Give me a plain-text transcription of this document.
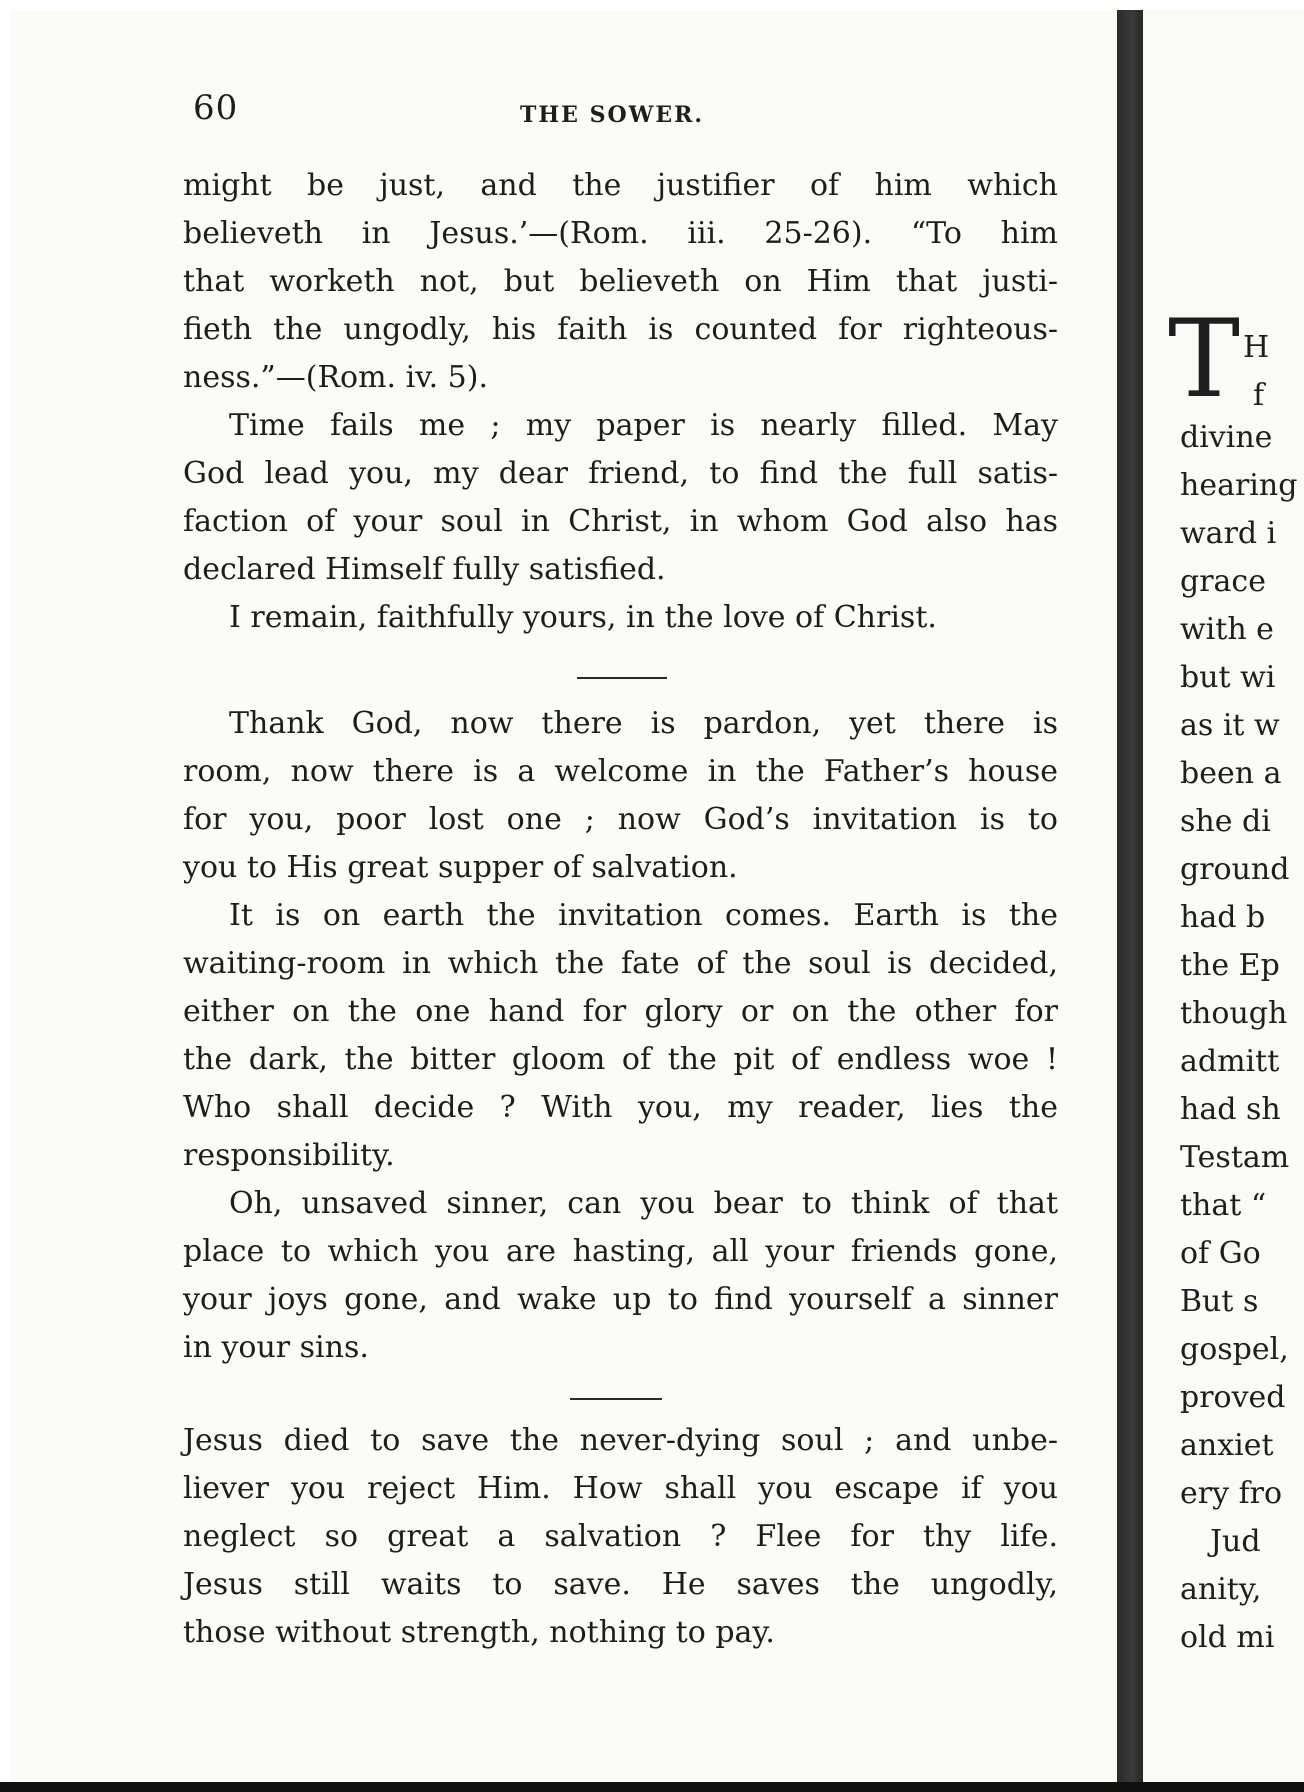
T H
f
divine
hearing
ward i
grace
with e
but wi
as it w
been a
she di
ground
had b
the Ep
though
admitt
had sh
Testam
that “
of Go
But s
gospel,
proved
anxiet
ery fro
Jud
anity,
old mi
60	THE SOWER.
might be just, and the justifier of him which
believeth in Jesus.’—(Rom. iii. 25-26). “To him
that worketh not, but believeth on Him that justi-
fieth the ungodly, his faith is counted for righteous-
ness.”—(Rom. iv. 5).
Time fails me ; my paper is nearly filled. May
God lead you, my dear friend, to find the full satis-
faction of your soul in Christ, in whom God also has
declared Himself fully satisfied.
I remain, faithfully yours, in the love of Christ.
Thank God, now there is pardon, yet there is
room, now there is a welcome in the Father’s house
for you, poor lost one ; now God’s invitation is to
you to His great supper of salvation.
It is on earth the invitation comes. Earth is the
waiting-room in which the fate of the soul is decided,
either on the one hand for glory or on the other for
the dark, the bitter gloom of the pit of endless woe !
Who shall decide ? With you, my reader, lies the
responsibility.
Oh, unsaved sinner, can you bear to think of that
place to which you are hasting, all your friends gone,
your joys gone, and wake up to find yourself a sinner
in your sins.
Jesus died to save the never-dying soul ; and unbe-
liever you reject Him. How shall you escape if you
neglect so great a salvation ? Flee for thy life.
Jesus still waits to save. He saves the ungodly,
those without strength, nothing to pay.
